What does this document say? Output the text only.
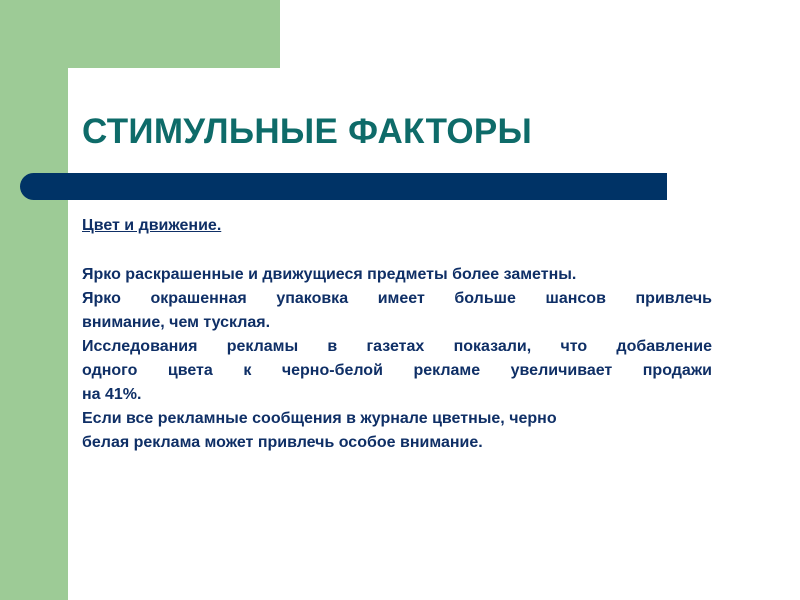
СТИМУЛЬНЫЕ ФАКТОРЫ

Цвет и движение.

Ярко раскрашенные и движущиеся предметы более заметны.

Ярко окрашенная упаковка имеет больше шансов привлечь
внимание, чем тусклая.

Исследования рекламы в газетах показали, что добавление
одного цвета к черно-белой рекламе увеличивает продажи
на 41%.

Если все рекламные сообщения в журнале цветные, черно
белая реклама может привлечь особое внимание.
